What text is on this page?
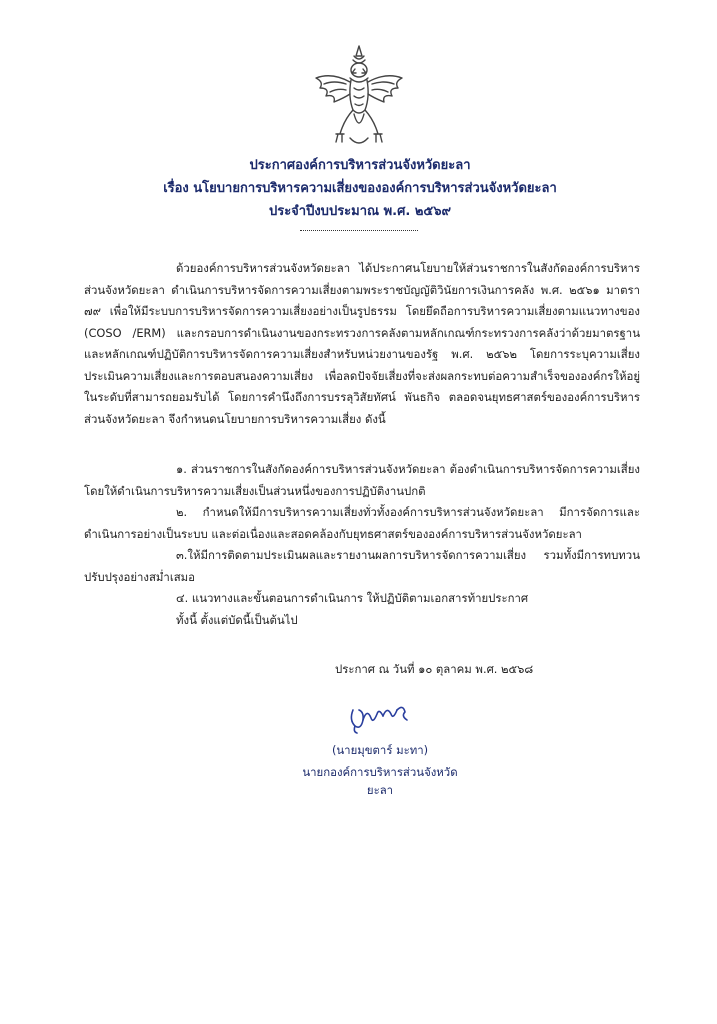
ประกาศองค์การบริหารส่วนจังหวัดยะลา
เรื่อง นโยบายการบริหารความเสี่ยงขององค์การบริหารส่วนจังหวัดยะลา
ประจำปีงบประมาณ พ.ศ. ๒๕๖๙

ด้วยองค์การบริหารส่วนจังหวัดยะลา ได้ประกาศนโยบายให้ส่วนราชการในสังกัดองค์การบริหารส่วนจังหวัดยะลา ดำเนินการบริหารจัดการความเสี่ยงตามพระราชบัญญัติวินัยการเงินการคลัง พ.ศ. ๒๕๖๑ มาตรา ๗๙ เพื่อให้มีระบบการบริหารจัดการความเสี่ยงอย่างเป็นรูปธรรม โดยยึดถือการบริหารความเสี่ยงตามแนวทางของ (COSO /ERM) และกรอบการดำเนินงานของกระทรวงการคลังตามหลักเกณฑ์กระทรวงการคลังว่าด้วยมาตรฐานและหลักเกณฑ์ปฏิบัติการบริหารจัดการความเสี่ยงสำหรับหน่วยงานของรัฐ พ.ศ. ๒๕๖๒ โดยการระบุความเสี่ยง ประเมินความเสี่ยงและการตอบสนองความเสี่ยง เพื่อลดปัจจัยเสี่ยงที่จะส่งผลกระทบต่อความสำเร็จขององค์กรให้อยู่ในระดับที่สามารถยอมรับได้ โดยการคำนึงถึงการบรรลุวิสัยทัศน์ พันธกิจ ตลอดจนยุทธศาสตร์ขององค์การบริหารส่วนจังหวัดยะลา จึงกำหนดนโยบายการบริหารความเสี่ยง ดังนี้

๑. ส่วนราชการในสังกัดองค์การบริหารส่วนจังหวัดยะลา ต้องดำเนินการบริหารจัดการความเสี่ยงโดยให้ดำเนินการบริหารความเสี่ยงเป็นส่วนหนึ่งของการปฏิบัติงานปกติ

๒. กำหนดให้มีการบริหารความเสี่ยงทั่วทั้งองค์การบริหารส่วนจังหวัดยะลา มีการจัดการและดำเนินการอย่างเป็นระบบ และต่อเนื่องและสอดคล้องกับยุทธศาสตร์ขององค์การบริหารส่วนจังหวัดยะลา

๓.ให้มีการติดตามประเมินผลและรายงานผลการบริหารจัดการความเสี่ยง รวมทั้งมีการทบทวนปรับปรุงอย่างสม่ำเสมอ

๔. แนวทางและขั้นตอนการดำเนินการ ให้ปฏิบัติตามเอกสารท้ายประกาศ

ทั้งนี้ ตั้งแต่บัดนี้เป็นต้นไป

ประกาศ ณ วันที่ ๑๐ ตุลาคม พ.ศ. ๒๕๖๘
(นายมุขตาร์ มะทา)
นายกองค์การบริหารส่วนจังหวัดยะลา
